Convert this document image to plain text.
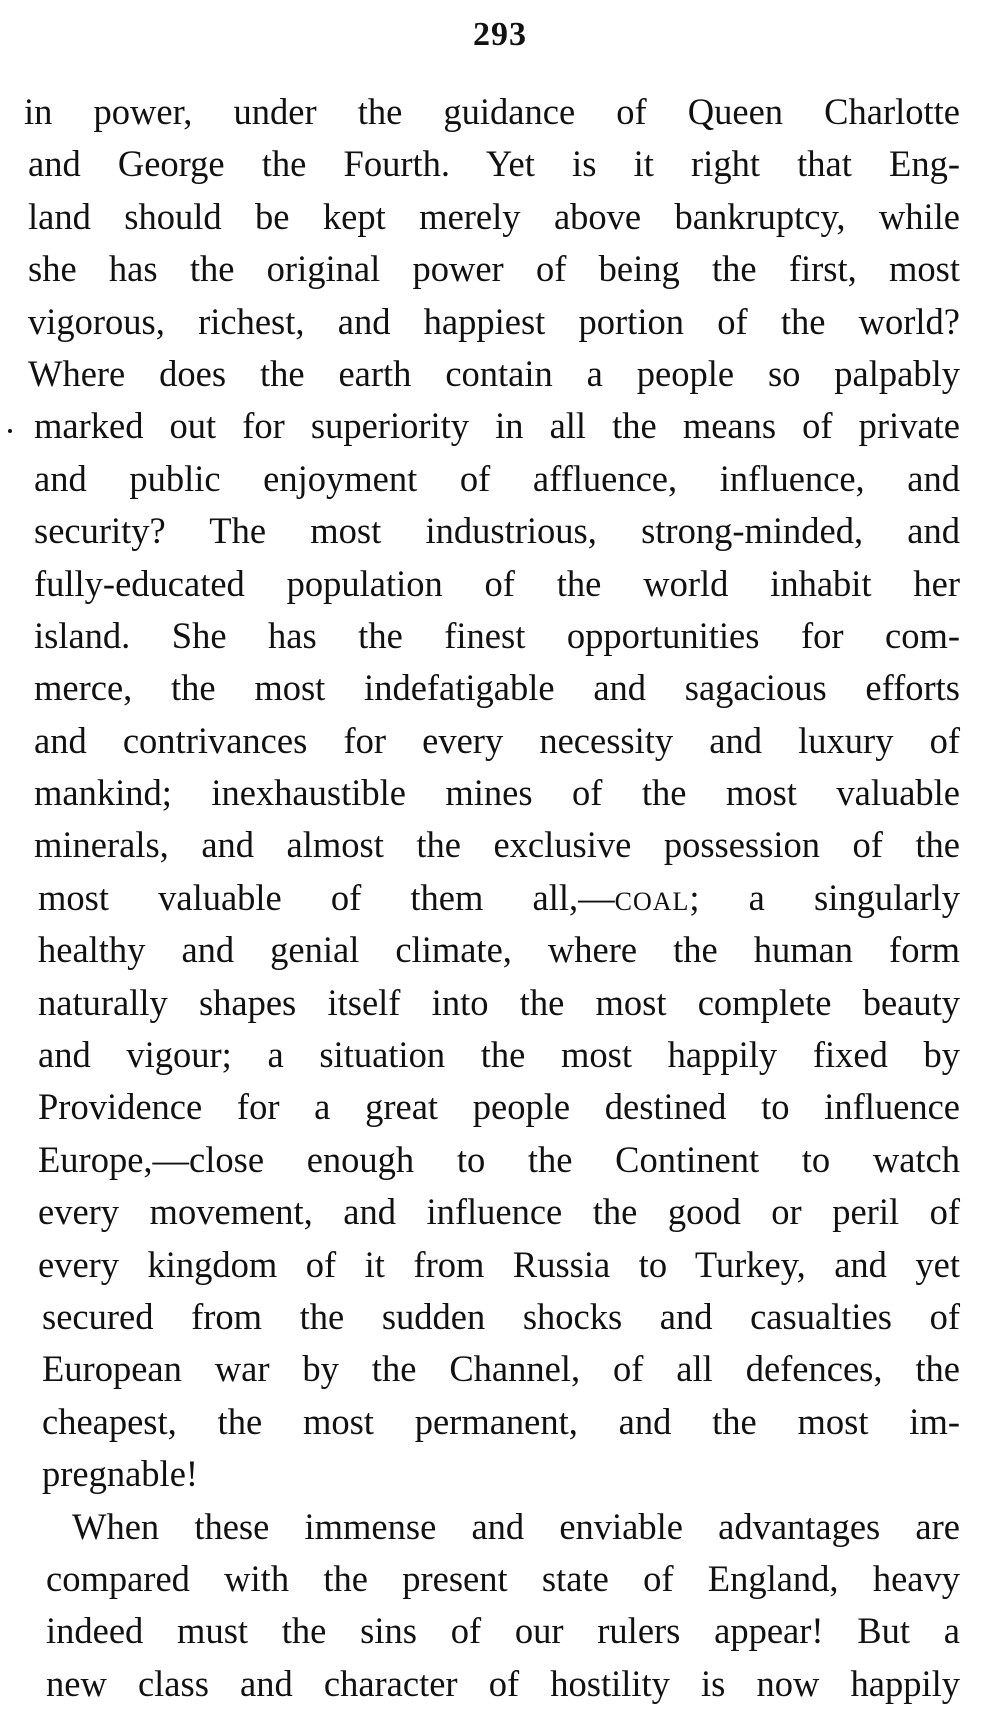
293
in power, under the guidance of Queen Charlotte
and George the Fourth. Yet is it right that Eng-
land should be kept merely above bankruptcy, while
she has the original power of being the first, most
vigorous, richest, and happiest portion of the world?
Where does the earth contain a people so palpably
marked out for superiority in all the means of private
and public enjoyment of affluence, influence, and
security? The most industrious, strong-minded, and
fully-educated population of the world inhabit her
island. She has the finest opportunities for com-
merce, the most indefatigable and sagacious efforts
and contrivances for every necessity and luxury of
mankind; inexhaustible mines of the most valuable
minerals, and almost the exclusive possession of the
most valuable of them all,—coal; a singularly
healthy and genial climate, where the human form
naturally shapes itself into the most complete beauty
and vigour; a situation the most happily fixed by
Providence for a great people destined to influence
Europe,—close enough to the Continent to watch
every movement, and influence the good or peril of
every kingdom of it from Russia to Turkey, and yet
secured from the sudden shocks and casualties of
European war by the Channel, of all defences, the
cheapest, the most permanent, and the most im-
pregnable!
When these immense and enviable advantages are
compared with the present state of England, heavy
indeed must the sins of our rulers appear! But a
new class and character of hostility is now happily
